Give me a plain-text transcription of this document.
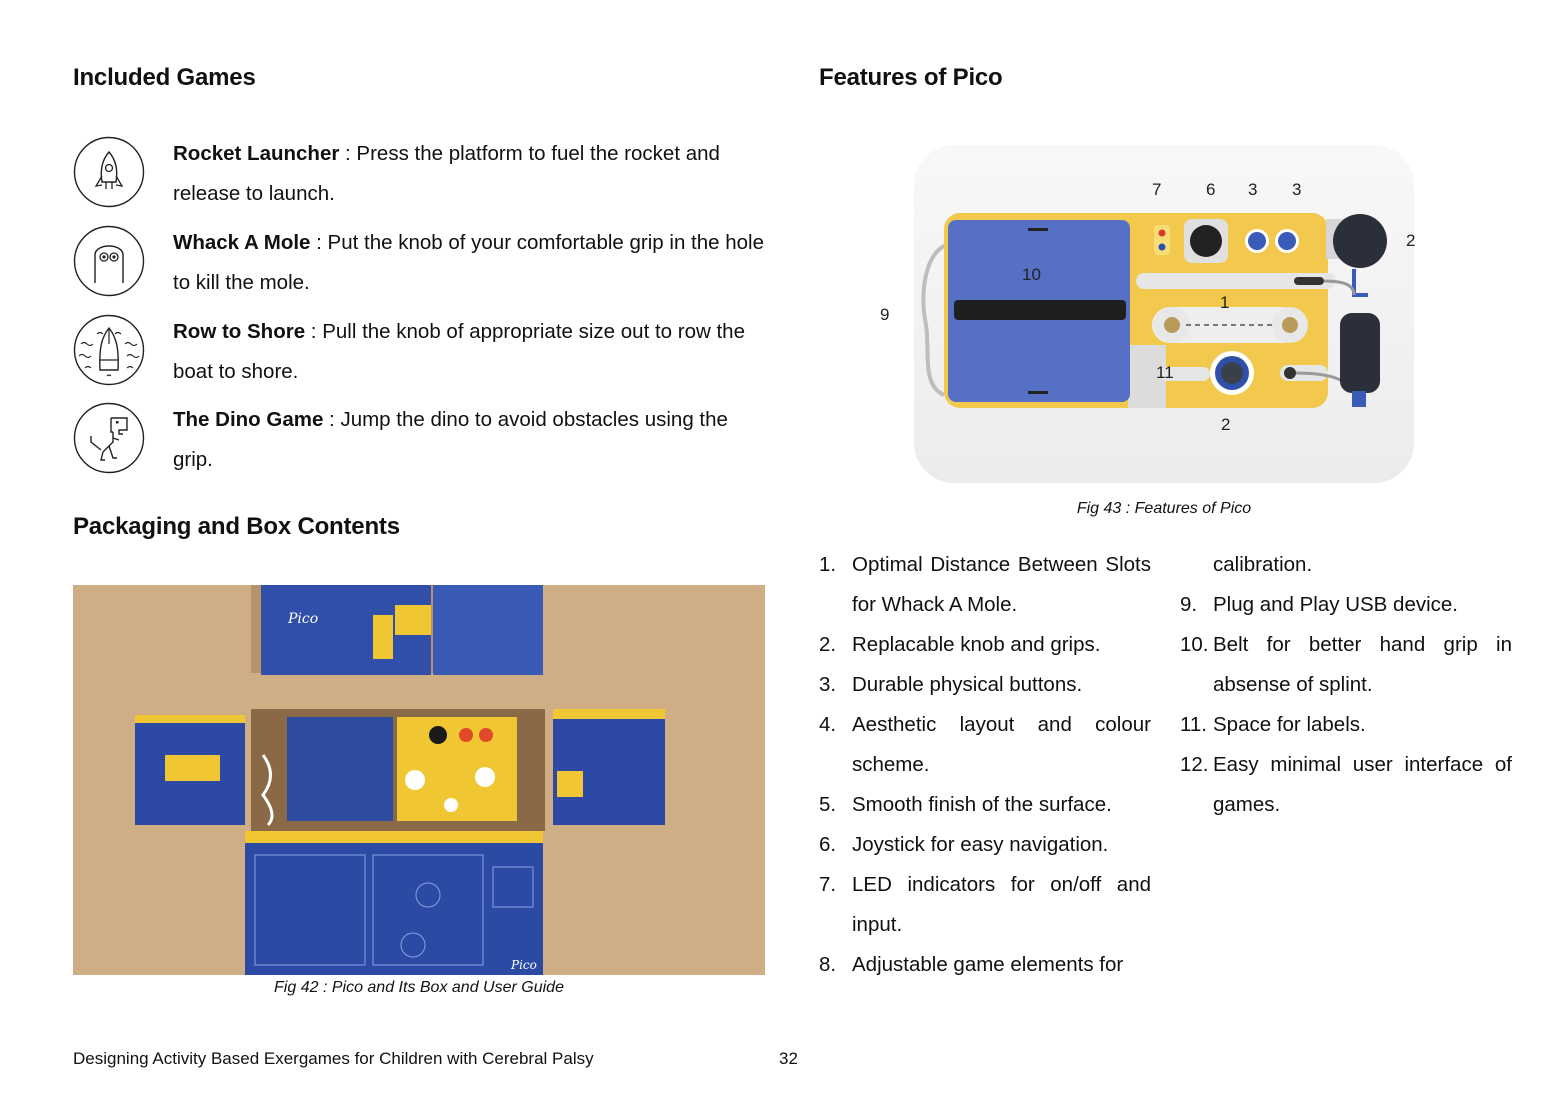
Included Games
Rocket Launcher : Press the platform to fuel the rocket and release to launch.
Whack A Mole : Put the knob of your comfortable grip in the hole to kill the mole.
Row to Shore : Pull the knob of appropriate size out to row the boat to shore.
The Dino Game : Jump the dino to avoid obstacles using the grip.
Packaging and Box Contents
Pico
Pico
Fig 42 : Pico and Its Box and User Guide
Features of Pico
7	6 3 3
2
10
9
1
11
2
Fig 43 : Features of Pico
1. Optimal Distance Between Slots for Whack A Mole.
2. Replacable knob and grips.
3. Durable physical buttons.
4. Aesthetic layout and colour scheme.
5. Smooth finish of the surface.
6. Joystick for easy navigation.
7. LED indicators for on/off and input.
8. Adjustable game elements for
calibration.
9. Plug and Play USB device.
10. Belt for better hand grip in absense of splint.
11. Space for labels.
12. Easy minimal user interface of games.
Designing Activity Based Exergames for Children with Cerebral Palsy	32
